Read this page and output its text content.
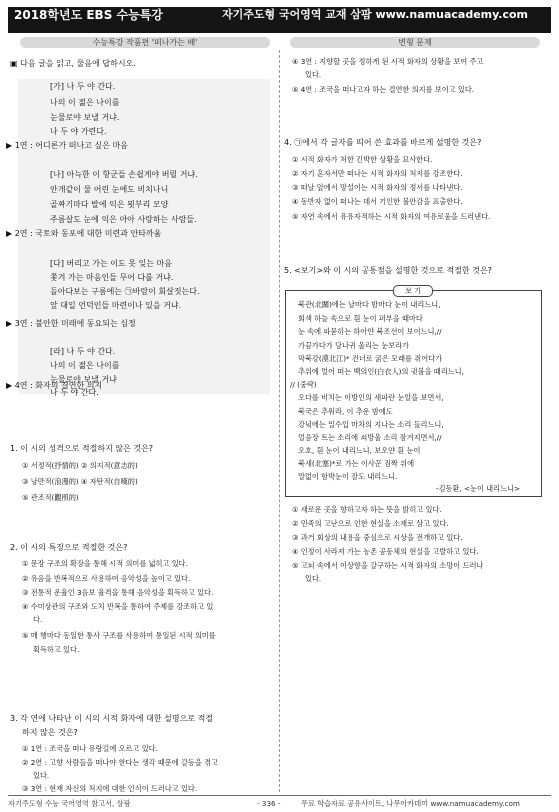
2018학년도 EBS 수능특강	자기주도형 국어영역 교재 삼팜 www.namuacademy.com
수능특강 작품편 '떠나가는 배'	변형 문제
▣ 다음 글을 읽고, 물음에 답하시오.
[가] 나 두 야 간다.
나의 이 젊은 나이를
눈물로야 보낼 거냐.
나 두 야 가련다.
▶ 1연 : 어디론가 떠나고 싶은 마음
[나] 아늑한 이 항군들 손쉽게야 버릴 거냐.
안개같이 물 어린 눈에도 비치나니
골짜기마다 발에 익은 묏부리 모양
주름살도 눈에 익은 아아 사랑하는 사람들.
▶ 2연 : 국토와 동포에 대한 미련과 안타까움
[다] 버리고 가는 이도 못 잊는 마음
쫓겨 가는 마음인들 무어 다를 거냐.
돌아다보는 구름에는 ㉠바람이 회살짓는다.
앞 대일 언덕인들 마련이나 있을 거냐.
▶ 3연 : 불안한 미래에 동요되는 심정
[라] 나 두 야 간다.
나의 이 젊은 나이를
눈물로야 보낼 거냐
나 두 야 간다.
▶ 4연 : 화자의 결연한 의지
1. 이 시의 성격으로 적절하지 않은 것은?
① 서정적(抒情的) ② 의지적(意志的)
③ 낭만적(浪漫的) ④ 자탄적(自嘆的)
⑤ 관조적(觀照的)
2. 이 시의 특징으로 적절한 것은?
① 문장 구조의 확장을 통해 시적 의미를 넓히고 있다.
② 유음을 반복적으로 사용하여 음악성을 높이고 있다.
③ 전통적 운율인 3음보 율격을 통해 음악성을 획득하고 있다.
④ 수미상관의 구조와 도치 반복을 통하여 주제를 강조하고 있
다.
⑤ 매 행마다 동일한 통사 구조를 사용하여 통일된 시적 의미를
획득하고 있다.
3. 각 연에 나타난 이 시의 시적 화자에 대한 설명으로 적절
하지 않은 것은?
① 1연 : 조국을 떠나 유랑길에 오르고 있다.
② 2연 : 고향 사람들을 떠나야 한다는 생각 때문에 갈등을 겪고
있다.
③ 3연 : 현재 자신의 처지에 대한 인식이 드러나고 있다.
④ 3연 : 지향할 곳을 정하게 된 시적 화자의 상황을 보여 주고
있다.
⑤ 4연 : 조국을 떠나고자 하는 결연한 의지를 보이고 있다.
4. ㉠에서 각 글자를 띄어 쓴 효과를 바르게 설명한 것은?
① 시적 화자가 처한 긴박한 상황을 묘사한다.
② 자기 혼자서만 떠나는 시적 화자의 처지를 강조한다.
③ 떠날 앞에서 망설이는 시적 화자의 정서를 나타낸다.
④ 동반자 없이 떠나는 데서 기인한 불안감을 표출한다.
⑤ 자연 속에서 유유자적하는 시적 화자의 여유로움을 드러낸다.
5. <보기>와 이 시의 공통점을 설명한 것으로 적절한 것은?
보 기
북관(北關)에는 날마다 밤마다 눈이 내리느니,
회색 하늘 속으로 흰 눈이 퍼부을 때마다
눈 속에 파묻히는 하아얀 북조선이 보이느니,//
가끔가다가 당나귀 울리는 눈보라가
막북강(漠北江)* 건너로 굵은 모래를 쥐어다가
추위에 얼어 떠는 백의인(白衣人)의 귓불을 때리느니,
// (중략)
오다를 비치는 이방인의 새파란 눈알을 보면서,
북국은 추워라, 이 추운 밤에도
강녘에는 밀수입 마차의 지나는 소리 들리느니,
얼음장 트는 소리에 쇠방울 소리 잠겨지면서,//
오호, 흰 눈이 내리느니, 보오얀 흰 눈이
북새(北塞)*로 가는 이사꾼 짐짝 위에
말없이 함박눈이 잘도 내리느니.
-김동환, <눈이 내리느니>
① 새로운 곳을 향하고자 하는 뜻을 밝히고 있다.
② 민족의 고난으로 인한 현실을 소재로 삼고 있다.
③ 과거 회상의 내용을 중심으로 시상을 전개하고 있다.
④ 인정이 사라져 가는 농촌 공동체의 현실을 고발하고 있다.
⑤ 고뇌 속에서 이상향을 갈구하는 시적 화자의 소망이 드러나
있다.
자기주도형 수능 국어영역 참고서, 삼팜	- 336 -	무료 학습자료 공유사이트, 나무아카데미 www.namuacademy.com
